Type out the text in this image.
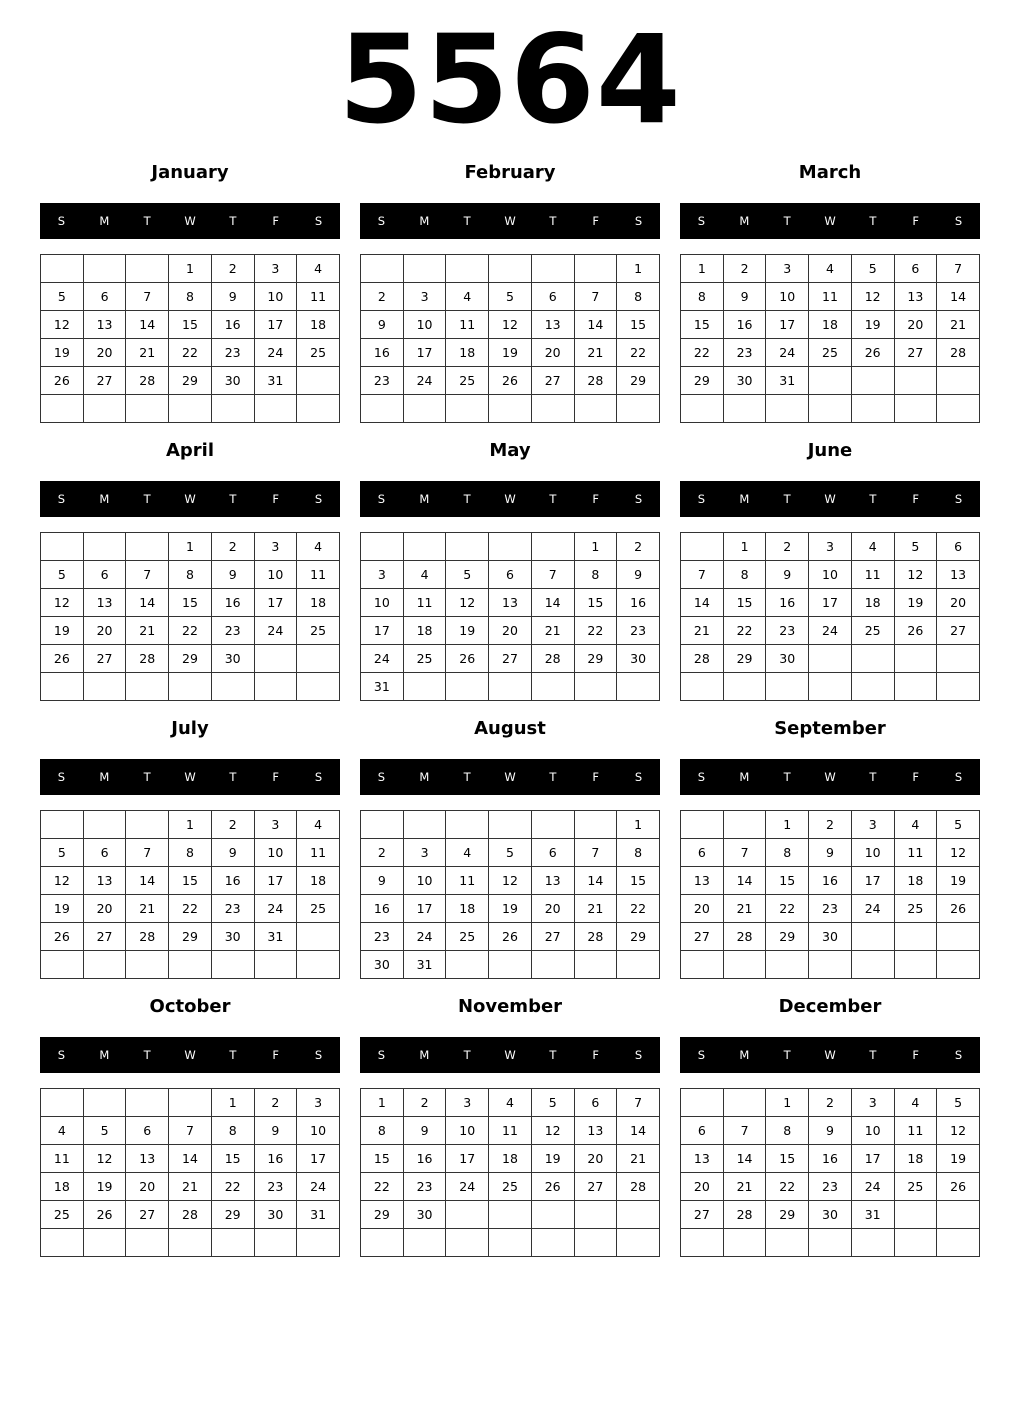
5564
January
S	M	T	W	T	F	S
			1	2	3	4
5	6	7	8	9	10	11
12	13	14	15	16	17	18
19	20	21	22	23	24	25
26	27	28	29	30	31	

February
S	M	T	W	T	F	S
						1
2	3	4	5	6	7	8
9	10	11	12	13	14	15
16	17	18	19	20	21	22
23	24	25	26	27	28	29

March
S	M	T	W	T	F	S
1	2	3	4	5	6	7
8	9	10	11	12	13	14
15	16	17	18	19	20	21
22	23	24	25	26	27	28
29	30	31				

April
S	M	T	W	T	F	S
			1	2	3	4
5	6	7	8	9	10	11
12	13	14	15	16	17	18
19	20	21	22	23	24	25
26	27	28	29	30		

May
S	M	T	W	T	F	S
					1	2
3	4	5	6	7	8	9
10	11	12	13	14	15	16
17	18	19	20	21	22	23
24	25	26	27	28	29	30
31						
June
S	M	T	W	T	F	S
	1	2	3	4	5	6
7	8	9	10	11	12	13
14	15	16	17	18	19	20
21	22	23	24	25	26	27
28	29	30				

July
S	M	T	W	T	F	S
			1	2	3	4
5	6	7	8	9	10	11
12	13	14	15	16	17	18
19	20	21	22	23	24	25
26	27	28	29	30	31	

August
S	M	T	W	T	F	S
						1
2	3	4	5	6	7	8
9	10	11	12	13	14	15
16	17	18	19	20	21	22
23	24	25	26	27	28	29
30	31					
September
S	M	T	W	T	F	S
		1	2	3	4	5
6	7	8	9	10	11	12
13	14	15	16	17	18	19
20	21	22	23	24	25	26
27	28	29	30			

October
S	M	T	W	T	F	S
				1	2	3
4	5	6	7	8	9	10
11	12	13	14	15	16	17
18	19	20	21	22	23	24
25	26	27	28	29	30	31

November
S	M	T	W	T	F	S
1	2	3	4	5	6	7
8	9	10	11	12	13	14
15	16	17	18	19	20	21
22	23	24	25	26	27	28
29	30					

December
S	M	T	W	T	F	S
		1	2	3	4	5
6	7	8	9	10	11	12
13	14	15	16	17	18	19
20	21	22	23	24	25	26
27	28	29	30	31		
